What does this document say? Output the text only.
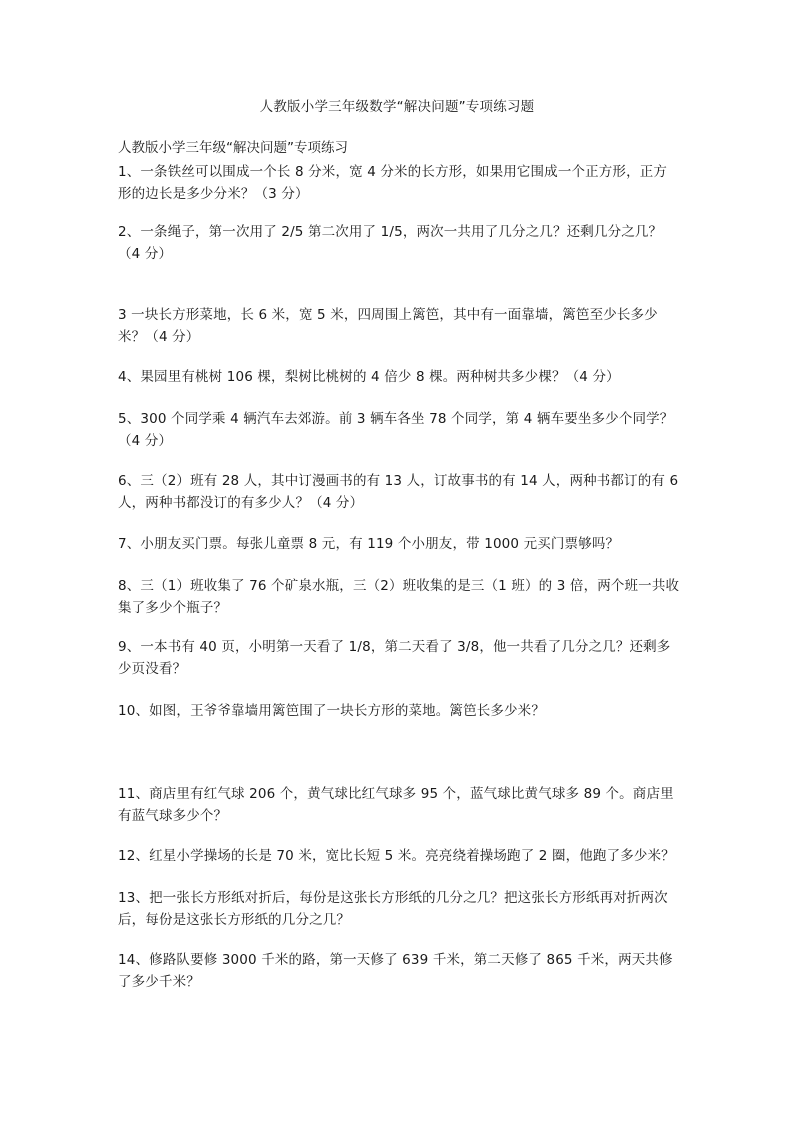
人教版小学三年级数学“解决问题”专项练习题
人教版小学三年级“解决问题”专项练习
1、一条铁丝可以围成一个长 8 分米，宽 4 分米的长方形，如果用它围成一个正方形，正方形的边长是多少分米？（3 分）
2、一条绳子，第一次用了 2/5 第二次用了 1/5，两次一共用了几分之几？还剩几分之几？（4 分）
3 一块长方形菜地，长 6 米，宽 5 米，四周围上篱笆，其中有一面靠墙，篱笆至少长多少米？（4 分）
4、果园里有桃树 106 棵，梨树比桃树的 4 倍少 8 棵。两种树共多少棵？（4 分）
5、300 个同学乘 4 辆汽车去郊游。前 3 辆车各坐 78 个同学，第 4 辆车要坐多少个同学？（4 分）
6、三（2）班有 28 人，其中订漫画书的有 13 人，订故事书的有 14 人，两种书都订的有 6 人，两种书都没订的有多少人？（4 分）
7、小朋友买门票。每张儿童票 8 元，有 119 个小朋友，带 1000 元买门票够吗？
8、三（1）班收集了 76 个矿泉水瓶，三（2）班收集的是三（1 班）的 3 倍，两个班一共收集了多少个瓶子？
9、一本书有 40 页，小明第一天看了 1/8，第二天看了 3/8，他一共看了几分之几？还剩多少页没看？
10、如图，王爷爷靠墙用篱笆围了一块长方形的菜地。篱笆长多少米？
11、商店里有红气球 206 个，黄气球比红气球多 95 个，蓝气球比黄气球多 89 个。商店里有蓝气球多少个？
12、红星小学操场的长是 70 米，宽比长短 5 米。亮亮绕着操场跑了 2 圈，他跑了多少米？
13、把一张长方形纸对折后，每份是这张长方形纸的几分之几？把这张长方形纸再对折两次后，每份是这张长方形纸的几分之几？
14、修路队要修 3000 千米的路，第一天修了 639 千米，第二天修了 865 千米，两天共修了多少千米？
